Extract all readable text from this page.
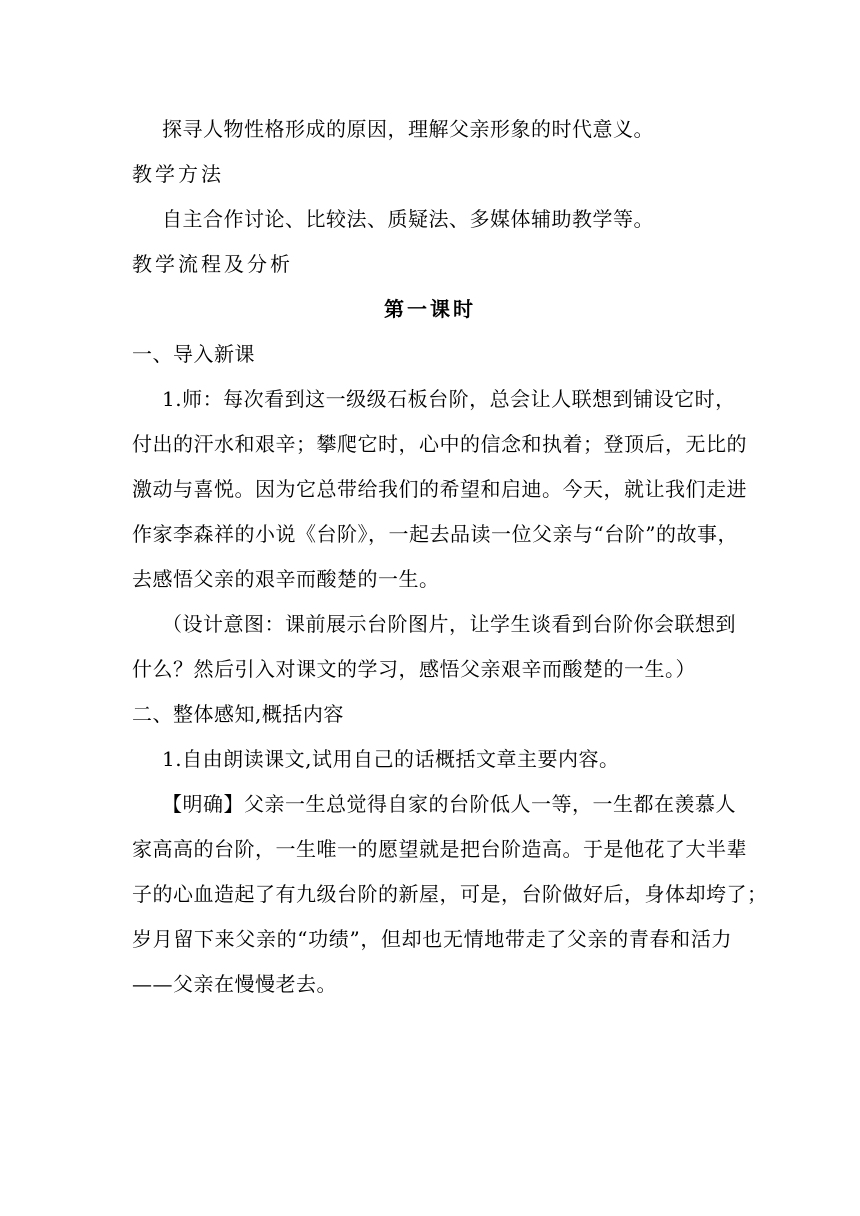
探寻人物性格形成的原因，理解父亲形象的时代意义。
教学方法
自主合作讨论、比较法、质疑法、多媒体辅助教学等。
教学流程及分析
第一课时
一、导入新课
1.师：每次看到这一级级石板台阶，总会让人联想到铺设它时，
付出的汗水和艰辛；攀爬它时，心中的信念和执着；登顶后，无比的
激动与喜悦。因为它总带给我们的希望和启迪。今天，就让我们走进
作家李森祥的小说《台阶》，一起去品读一位父亲与“台阶”的故事，
去感悟父亲的艰辛而酸楚的一生。
（设计意图：课前展示台阶图片，让学生谈看到台阶你会联想到
什么？然后引入对课文的学习，感悟父亲艰辛而酸楚的一生。）
二、整体感知,概括内容
1.自由朗读课文,试用自己的话概括文章主要内容。
【明确】父亲一生总觉得自家的台阶低人一等，一生都在羡慕人
家高高的台阶，一生唯一的愿望就是把台阶造高。于是他花了大半辈
子的心血造起了有九级台阶的新屋，可是，台阶做好后，身体却垮了；
岁月留下来父亲的“功绩”，但却也无情地带走了父亲的青春和活力
——父亲在慢慢老去。
